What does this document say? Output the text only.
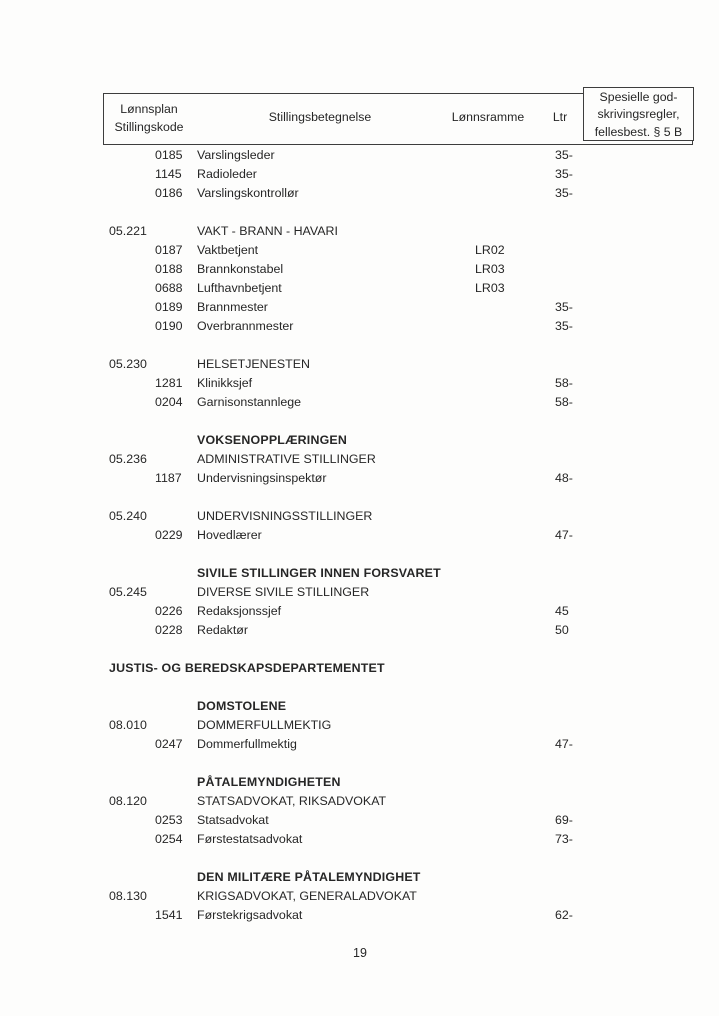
Lønnsplan
Stillingskode
Stillingsbetegnelse	Lønnsramme	Ltr
Spesielle god-
skrivingsregler,
fellesbest. § 5 B
0185 Varslingsleder	35-
1145 Radioleder	35-
0186 Varslingskontrollør	35-
05.221	VAKT - BRANN - HAVARI
0187 Vaktbetjent	LR02
0188 Brannkonstabel	LR03
0688 Lufthavnbetjent	LR03
0189 Brannmester	35-
0190 Overbrannmester	35-
05.230	HELSETJENESTEN
1281 Klinikksjef	58-
0204 Garnisonstannlege	58-
VOKSENOPPLÆRINGEN
05.236	ADMINISTRATIVE STILLINGER
1187 Undervisningsinspektør	48-
05.240	UNDERVISNINGSSTILLINGER
0229 Hovedlærer	47-
SIVILE STILLINGER INNEN FORSVARET
05.245	DIVERSE SIVILE STILLINGER
0226 Redaksjonssjef	45
0228 Redaktør	50
JUSTIS- OG BEREDSKAPSDEPARTEMENTET
DOMSTOLENE
08.010	DOMMERFULLMEKTIG
0247 Dommerfullmektig	47-
PÅTALEMYNDIGHETEN
08.120	STATSADVOKAT, RIKSADVOKAT
0253 Statsadvokat	69-
0254 Førstestatsadvokat	73-
DEN MILITÆRE PÅTALEMYNDIGHET
08.130	KRIGSADVOKAT, GENERALADVOKAT
1541 Førstekrigsadvokat	62-
19
